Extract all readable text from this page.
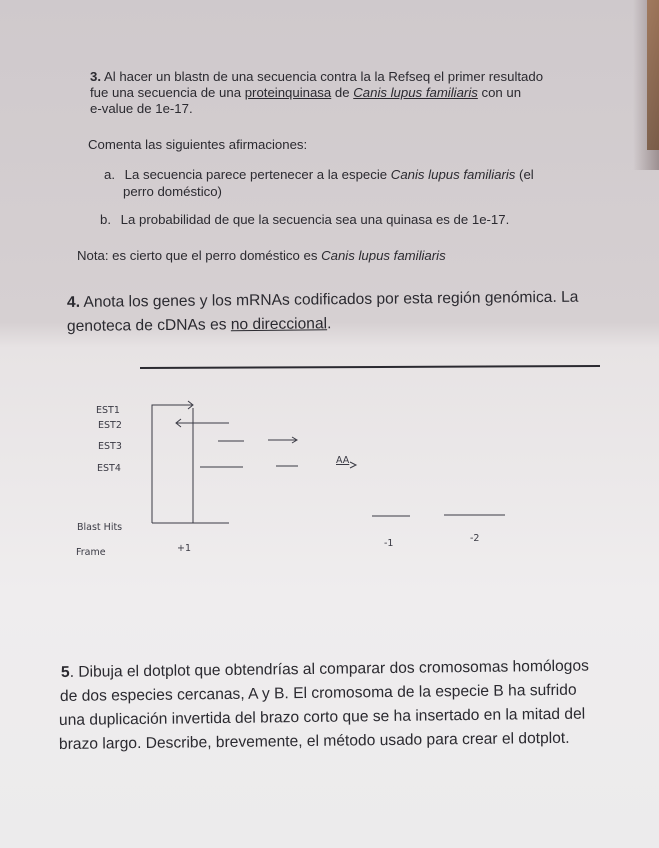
3. Al hacer un blastn de una secuencia contra la la Refseq el primer resultado
fue una secuencia de una proteinquinasa de Canis lupus familiaris con un
e-value de 1e-17.
Comenta las siguientes afirmaciones:
a. La secuencia parece pertenecer a la especie Canis lupus familiaris (el
perro doméstico)
b. La probabilidad de que la secuencia sea una quinasa es de 1e-17.
Nota: es cierto que el perro doméstico es Canis lupus familiaris
4. Anota los genes y los mRNAs codificados por esta región genómica. La
genoteca de cDNAs es no direccional.
EST1
EST2
EST3
EST4
Blast Hits
Frame	+1	-1	-2
AA
5. Dibuja el dotplot que obtendrías al comparar dos cromosomas homólogos
de dos especies cercanas, A y B. El cromosoma de la especie B ha sufrido
una duplicación invertida del brazo corto que se ha insertado en la mitad del
brazo largo. Describe, brevemente, el método usado para crear el dotplot.
